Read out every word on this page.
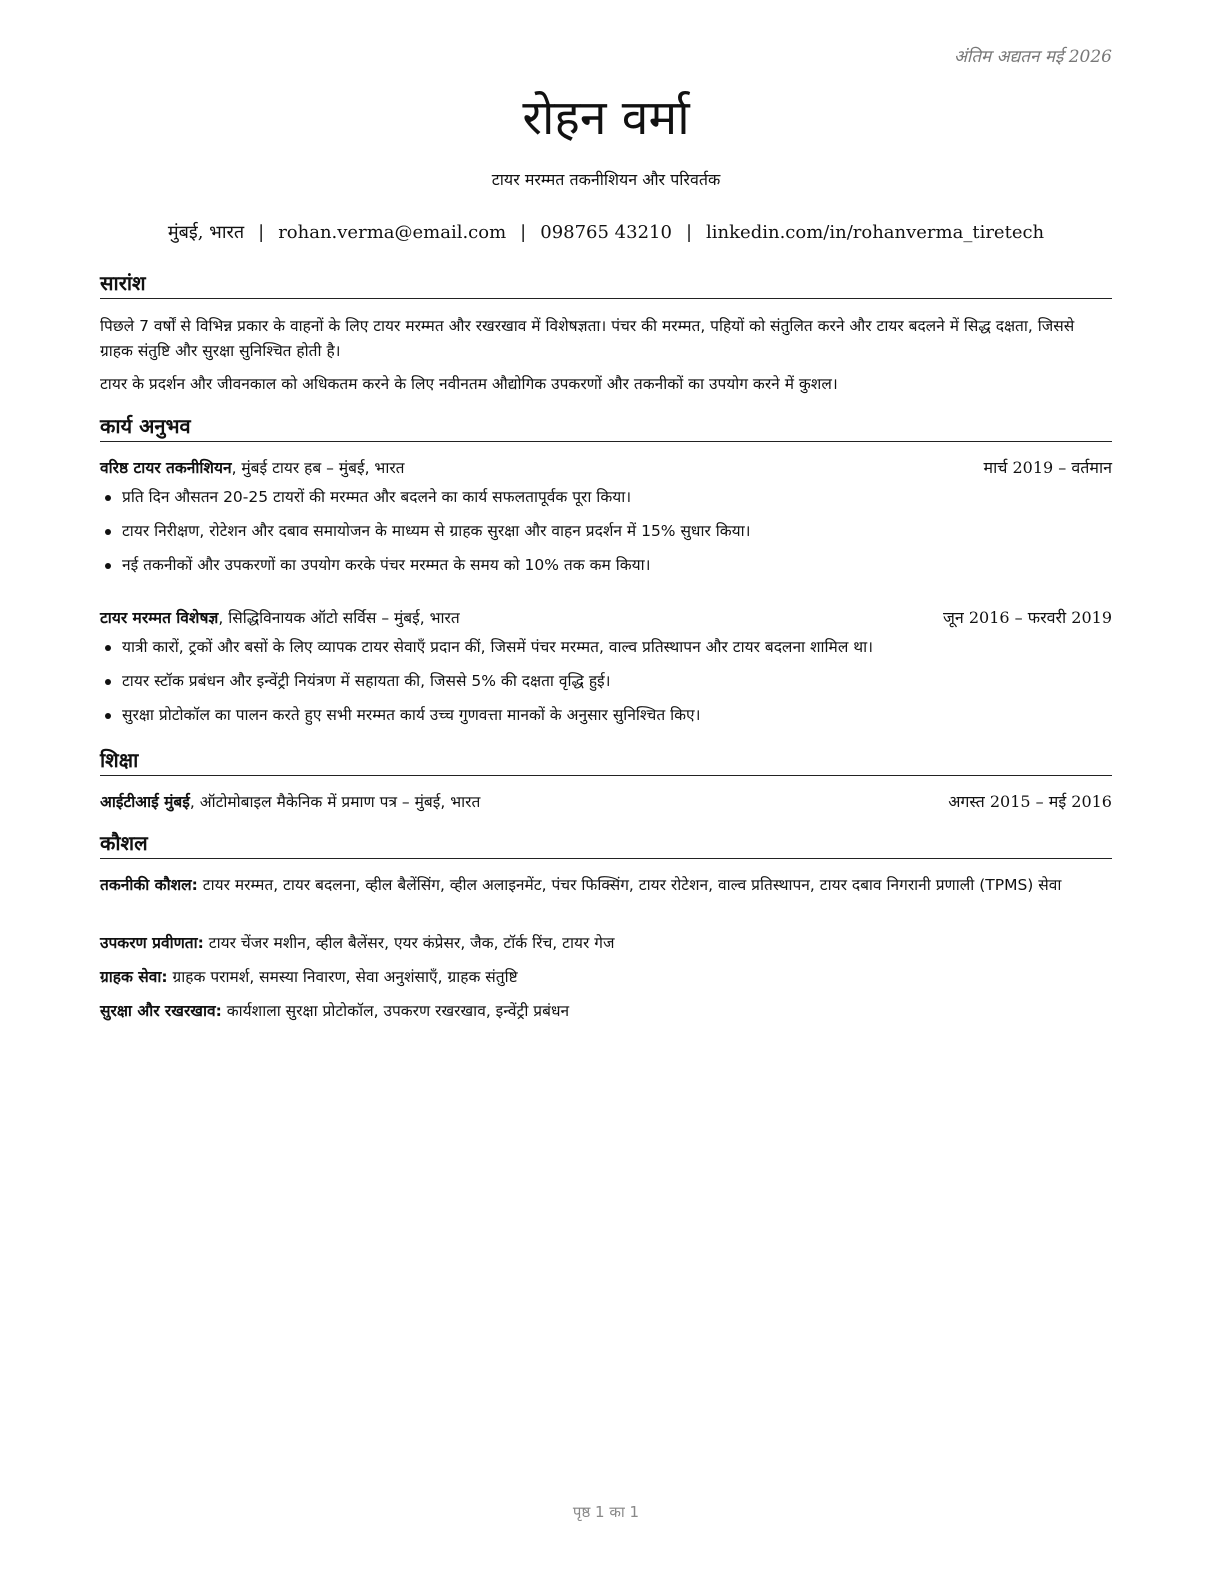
अंतिम अद्यतन मई 2026
रोहन वर्मा
टायर मरम्मत तकनीशियन और परिवर्तक
मुंबई, भारत | rohan.verma@email.com | 098765 43210 | linkedin.com/in/rohanverma_tiretech
सारांश
पिछले 7 वर्षों से विभिन्न प्रकार के वाहनों के लिए टायर मरम्मत और रखरखाव में विशेषज्ञता। पंचर की मरम्मत, पहियों को संतुलित करने और टायर बदलने में सिद्ध दक्षता, जिससे ग्राहक संतुष्टि और सुरक्षा सुनिश्चित होती है।
टायर के प्रदर्शन और जीवनकाल को अधिकतम करने के लिए नवीनतम औद्योगिक उपकरणों और तकनीकों का उपयोग करने में कुशल।
कार्य अनुभव
वरिष्ठ टायर तकनीशियन, मुंबई टायर हब – मुंबई, भारत	मार्च 2019 – वर्तमान
प्रति दिन औसतन 20-25 टायरों की मरम्मत और बदलने का कार्य सफलतापूर्वक पूरा किया।
टायर निरीक्षण, रोटेशन और दबाव समायोजन के माध्यम से ग्राहक सुरक्षा और वाहन प्रदर्शन में 15% सुधार किया।
नई तकनीकों और उपकरणों का उपयोग करके पंचर मरम्मत के समय को 10% तक कम किया।
टायर मरम्मत विशेषज्ञ, सिद्धिविनायक ऑटो सर्विस – मुंबई, भारत	जून 2016 – फरवरी 2019
यात्री कारों, ट्रकों और बसों के लिए व्यापक टायर सेवाएँ प्रदान कीं, जिसमें पंचर मरम्मत, वाल्व प्रतिस्थापन और टायर बदलना शामिल था।
टायर स्टॉक प्रबंधन और इन्वेंट्री नियंत्रण में सहायता की, जिससे 5% की दक्षता वृद्धि हुई।
सुरक्षा प्रोटोकॉल का पालन करते हुए सभी मरम्मत कार्य उच्च गुणवत्ता मानकों के अनुसार सुनिश्चित किए।
शिक्षा
आईटीआई मुंबई, ऑटोमोबाइल मैकेनिक में प्रमाण पत्र – मुंबई, भारत	अगस्त 2015 – मई 2016
कौशल
तकनीकी कौशल: टायर मरम्मत, टायर बदलना, व्हील बैलेंसिंग, व्हील अलाइनमेंट, पंचर फिक्सिंग, टायर रोटेशन, वाल्व प्रतिस्थापन, टायर दबाव निगरानी प्रणाली (TPMS) सेवा
उपकरण प्रवीणता: टायर चेंजर मशीन, व्हील बैलेंसर, एयर कंप्रेसर, जैक, टॉर्क रिंच, टायर गेज
ग्राहक सेवा: ग्राहक परामर्श, समस्या निवारण, सेवा अनुशंसाएँ, ग्राहक संतुष्टि
सुरक्षा और रखरखाव: कार्यशाला सुरक्षा प्रोटोकॉल, उपकरण रखरखाव, इन्वेंट्री प्रबंधन
पृष्ठ 1 का 1
